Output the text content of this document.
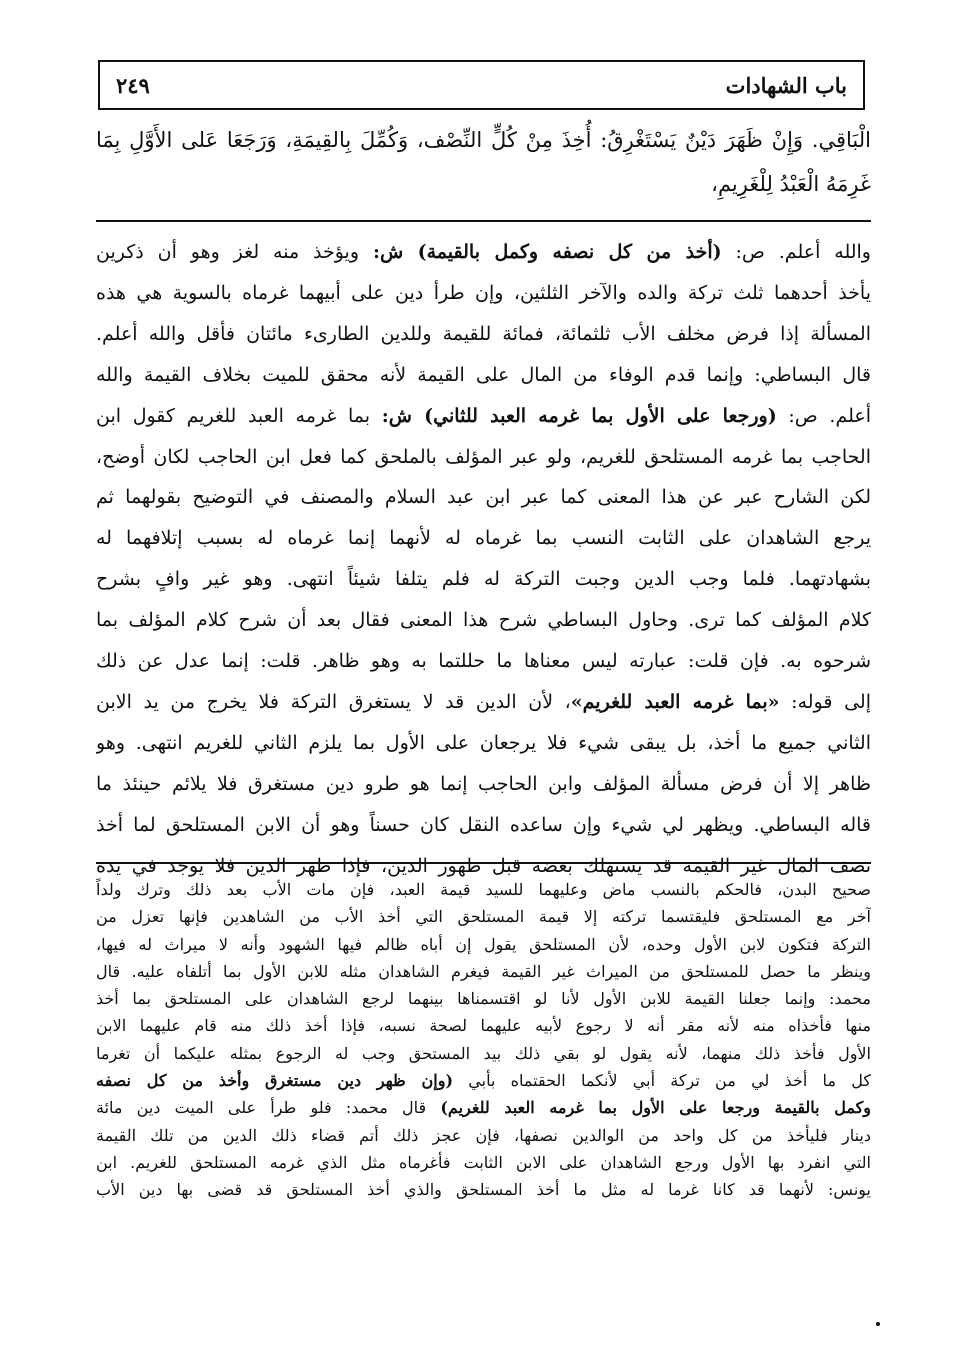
باب الشهادات
٢٤٩
الْبَاقِي. وَإِنْ ظَهَرَ دَيْنٌ يَسْتَغْرِقُ: أُخِذَ مِنْ كُلٍّ النِّصْف، وَكُمِّلَ بِالقِيمَةِ، وَرَجَعَا عَلى الأَوَّلِ بِمَا
غَرِمَهُ الْعَبْدُ لِلْغَرِيمِ،
والله أعلم. ص: (أخذ من كل نصفه وكمل بالقيمة) ش: ويؤخذ منه لغز وهو أن ذكرين
يأخذ أحدهما ثلث تركة والده والآخر الثلثين، وإن طرأ دين على أبيهما غرماه بالسوية هي هذه
المسألة إذا فرض مخلف الأب ثلثمائة، فمائة للقيمة وللدين الطارىء مائتان فأقل والله أعلم.
قال البساطي: وإنما قدم الوفاء من المال على القيمة لأنه محقق للميت بخلاف القيمة والله
أعلم. ص: (ورجعا على الأول بما غرمه العبد للثاني) ش: بما غرمه العبد للغريم كقول ابن
الحاجب بما غرمه المستلحق للغريم، ولو عبر المؤلف بالملحق كما فعل ابن الحاجب لكان أوضح،
لكن الشارح عبر عن هذا المعنى كما عبر ابن عبد السلام والمصنف في التوضيح بقولهما ثم
يرجع الشاهدان على الثابت النسب بما غرماه له لأنهما إنما غرماه له بسبب إتلافهما له
بشهادتهما. فلما وجب الدين وجبت التركة له فلم يتلفا شيئاً انتهى. وهو غير وافٍ بشرح
كلام المؤلف كما ترى. وحاول البساطي شرح هذا المعنى فقال بعد أن شرح كلام المؤلف بما
شرحوه به. فإن قلت: عبارته ليس معناها ما حللتما به وهو ظاهر. قلت: إنما عدل عن ذلك
إلى قوله: «بما غرمه العبد للغريم»، لأن الدين قد لا يستغرق التركة فلا يخرج من يد الابن
الثاني جميع ما أخذ، بل يبقى شيء فلا يرجعان على الأول بما يلزم الثاني للغريم انتهى. وهو
ظاهر إلا أن فرض مسألة المؤلف وابن الحاجب إنما هو طرو دين مستغرق فلا يلائم حينئذ ما
قاله البساطي. ويظهر لي شيء وإن ساعده النقل كان حسناً وهو أن الابن المستلحق لما أخذ
نصف المال غير القيمة قد يستهلك بعضه قبل ظهور الدين، فإذا ظهر الدين فلا يوجد في يده
صحيح البدن، فالحكم بالنسب ماض وعليهما للسيد قيمة العبد، فإن مات الأب بعد ذلك وترك ولداً
آخر مع المستلحق فليقتسما تركته إلا قيمة المستلحق التي أخذ الأب من الشاهدين فإنها تعزل من
التركة فتكون لابن الأول وحده، لأن المستلحق يقول إن أباه ظالم فيها الشهود وأنه لا ميراث له فيها،
وينظر ما حصل للمستلحق من الميراث غير القيمة فيغرم الشاهدان مثله للابن الأول بما أتلفاه عليه. قال
محمد: وإنما جعلنا القيمة للابن الأول لأنا لو اقتسمناها بينهما لرجع الشاهدان على المستلحق بما أخذ
منها فأخذاه منه لأنه مقر أنه لا رجوع لأبيه عليهما لصحة نسبه، فإذا أخذ ذلك منه قام عليهما الابن
الأول فأخذ ذلك منهما، لأنه يقول لو بقي ذلك بيد المستحق وجب له الرجوع بمثله عليكما أن تغرما
كل ما أخذ لي من تركة أبي لأنكما الحقتماه بأبي (وإن ظهر دين مستغرق وأخذ من كل نصفه
وكمل بالقيمة ورجعا على الأول بما غرمه العبد للغريم) قال محمد: فلو طرأ على الميت دين مائة
دينار فليأخذ من كل واحد من الوالدين نصفها، فإن عجز ذلك أتم قضاء ذلك الدين من تلك القيمة
التي انفرد بها الأول ورجع الشاهدان على الابن الثابت فأغرماه مثل الذي غرمه المستلحق للغريم. ابن
يونس: لأنهما قد كانا غرما له مثل ما أخذ المستلحق والذي أخذ المستلحق قد قضى بها دين الأب
